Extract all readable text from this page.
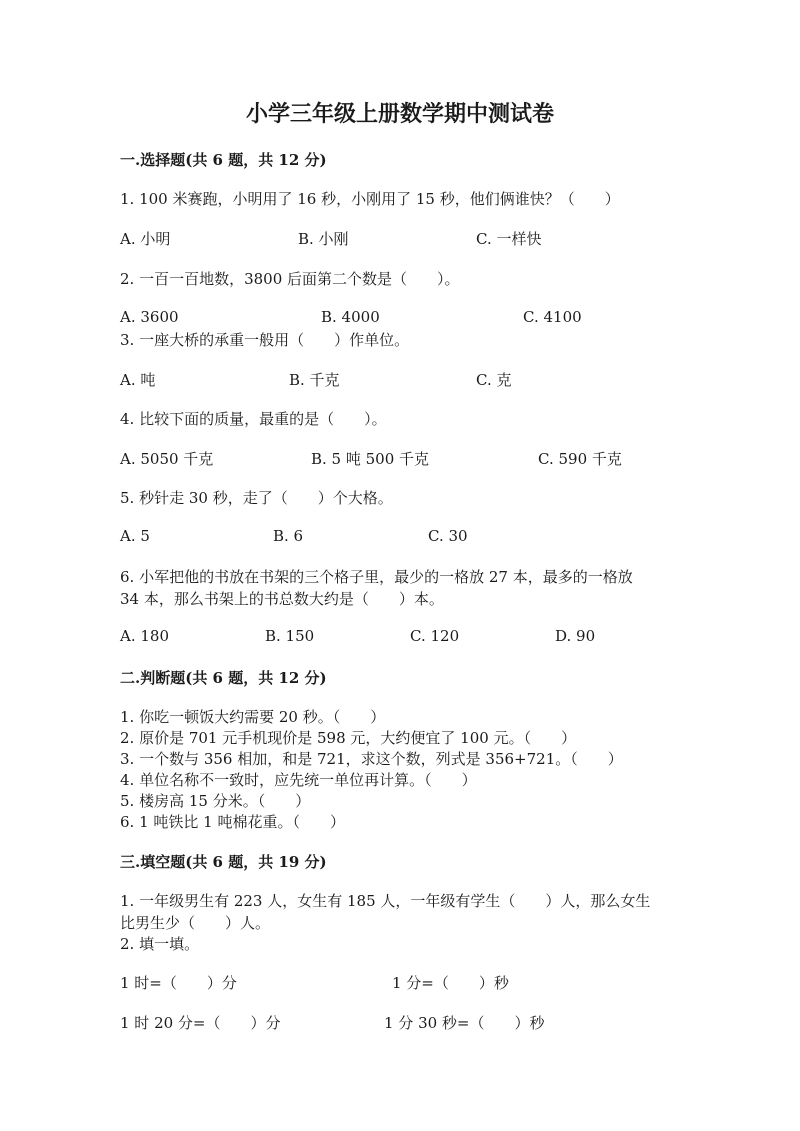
小学三年级上册数学期中测试卷
一.选择题(共 6 题，共 12 分)
1. 100 米赛跑，小明用了 16 秒，小刚用了 15 秒，他们俩谁快？（　　）
A. 小明	B. 小刚	C. 一样快
2. 一百一百地数，3800 后面第二个数是（　　）。
A. 3600	B. 4000	C. 4100
3. 一座大桥的承重一般用（　　）作单位。
A. 吨	B. 千克	C. 克
4. 比较下面的质量，最重的是（　　）。
A. 5050 千克	B. 5 吨 500 千克	C. 590 千克
5. 秒针走 30 秒，走了（　　）个大格。
A. 5	B. 6	C. 30
6. 小军把他的书放在书架的三个格子里，最少的一格放 27 本，最多的一格放
34 本，那么书架上的书总数大约是（　　）本。
A. 180	B. 150	C. 120	D. 90
二.判断题(共 6 题，共 12 分)
1. 你吃一顿饭大约需要 20 秒。（　　）
2. 原价是 701 元手机现价是 598 元，大约便宜了 100 元。（　　）
3. 一个数与 356 相加，和是 721，求这个数，列式是 356+721。（　　）
4. 单位名称不一致时，应先统一单位再计算。（　　）
5. 楼房高 15 分米。（　　）
6. 1 吨铁比 1 吨棉花重。（　　）
三.填空题(共 6 题，共 19 分)
1. 一年级男生有 223 人，女生有 185 人，一年级有学生（　　）人，那么女生
比男生少（　　）人。
2. 填一填。
1 时=（　　）分	1 分=（　　）秒
1 时 20 分=（　　）分	1 分 30 秒=（　　）秒
